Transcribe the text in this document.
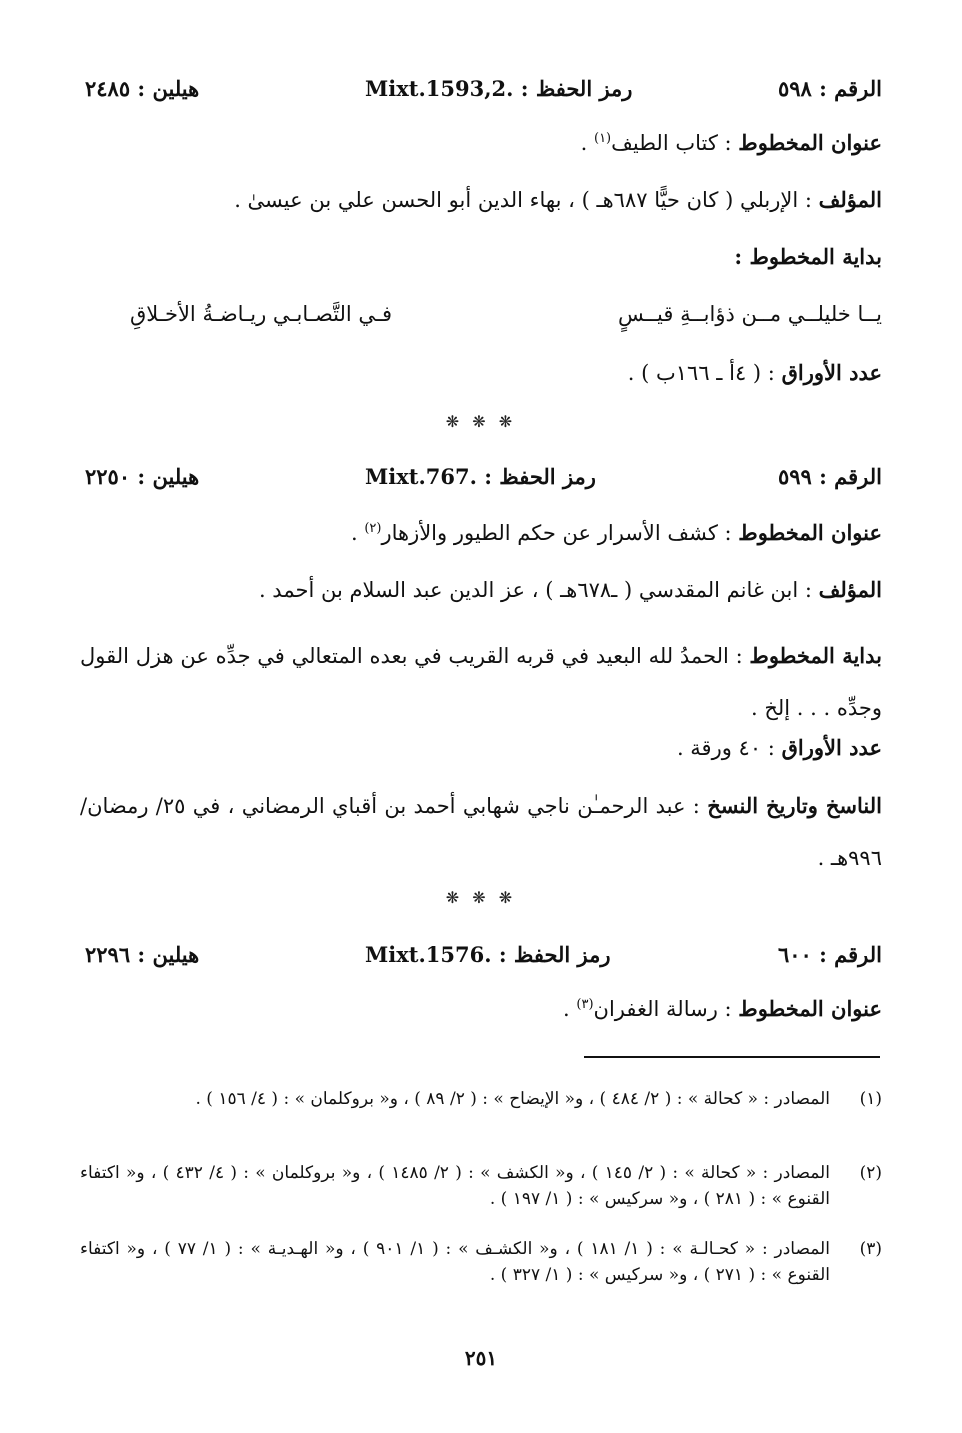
الرقم : ٥٩٨
رمز الحفظ : Mixt.1593,2.
هيلين : ٢٤٨٥
عنوان المخطوط : كتاب الطيف$^{(١)}$ .
المؤلف : الإربلي ( كان حيًّا ٦٨٧هـ ) ، بهاء الدين أبو الحسن علي بن عيسىٰ .
بداية المخطوط :
يــا خليلــي مــن ذؤابــةِ قيــسٍ
فـي التَّصـابـي ريـاضـةُ الأخـلاقِ
عدد الأوراق : ( ٤أ ـ ١٦٦ب ) .
❋ ❋ ❋
الرقم : ٥٩٩
رمز الحفظ : Mixt.767.
هيلين : ٢٢٥٠
عنوان المخطوط : كشف الأسرار عن حكم الطيور والأزهار$^{(٢)}$ .
المؤلف : ابن غانم المقدسي ( ـ٦٧٨هـ ) ، عز الدين عبد السلام بن أحمد .
بداية المخطوط : الحمدُ لله البعيد في قربه القريب في بعده المتعالي في جدِّه عن هزل القول وجدِّه . . . إلخ .
عدد الأوراق : ٤٠ ورقة .
الناسخ وتاريخ النسخ : عبد الرحمـٰن ناجي شهابي أحمد بن أقباي الرمضاني ، في ٢٥/ رمضان/ ٩٩٦هـ .
❋ ❋ ❋
الرقم : ٦٠٠
رمز الحفظ : Mixt.1576.
هيلين : ٢٢٩٦
عنوان المخطوط : رسالة الغفران$^{(٣)}$ .
(١)
المصادر : « كحالة » : ( ٢/ ٤٨٤ ) ، و« الإيضاح » : ( ٢/ ٨٩ ) ، و« بروكلمان » : ( ٤/ ١٥٦ ) .
(٢)
المصادر : « كحالة » : ( ٢/ ١٤٥ ) ، و« الكشف » : ( ٢/ ١٤٨٥ ) ، و« بروكلمان » : ( ٤/ ٤٣٢ ) ، و« اكتفاء القنوع » : ( ٢٨١ ) ، و« سركيس » : ( ١/ ١٩٧ ) .
(٣)
المصادر : « كحـالـة » : ( ١/ ١٨١ ) ، و« الكشـف » : ( ١/ ٩٠١ ) ، و« الهـديـة » : ( ١/ ٧٧ ) ، و« اكتفاء القنوع » : ( ٢٧١ ) ، و« سركيس » : ( ١/ ٣٢٧ ) .
٢٥١
